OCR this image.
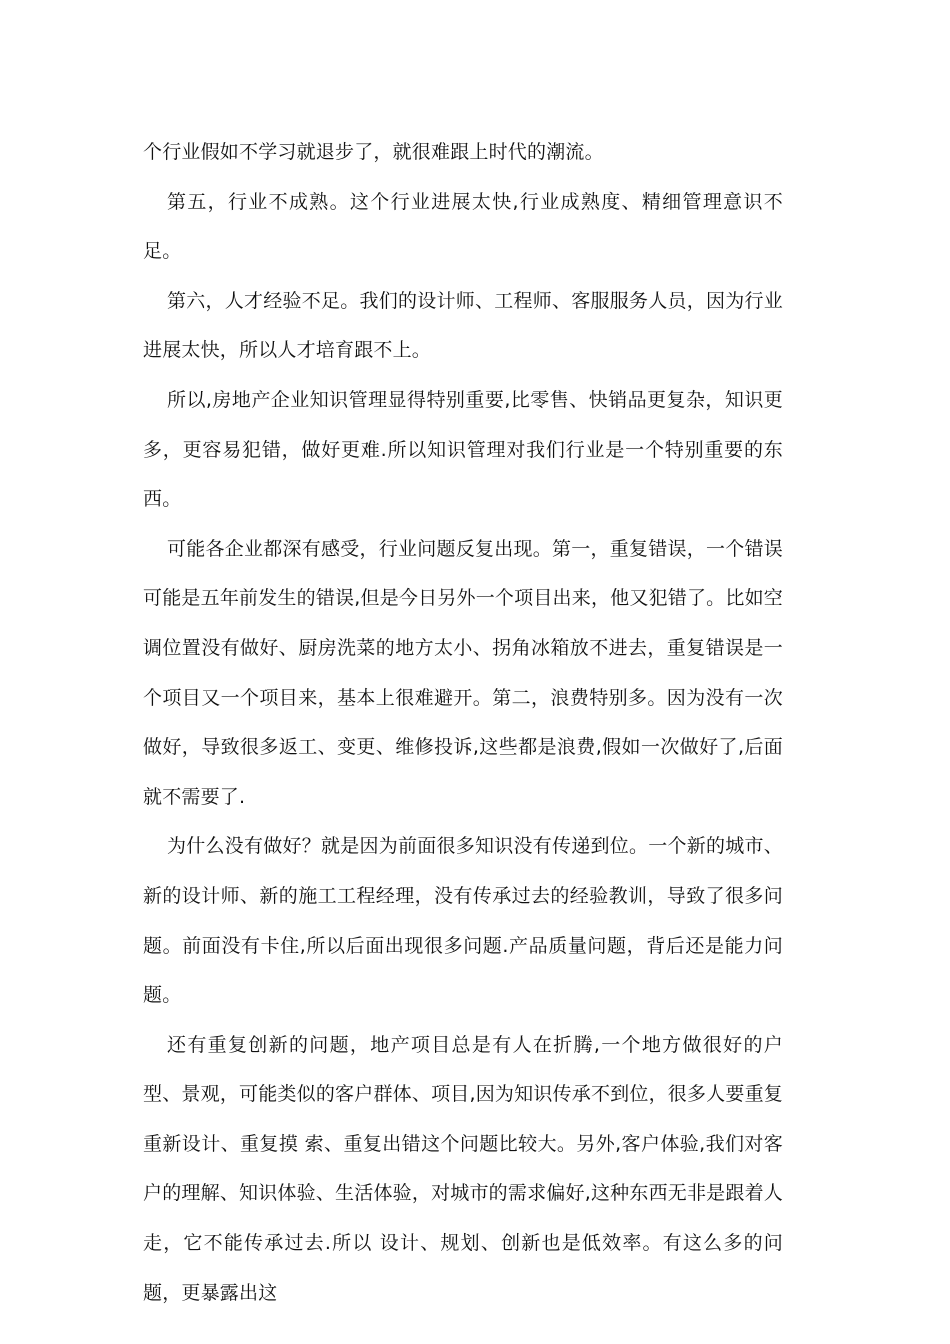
个行业假如不学习就退步了，就很难跟上时代的潮流。

第五，行业不成熟。这个行业进展太快,行业成熟度、精细管理意识不足。

第六，人才经验不足。我们的设计师、工程师、客服服务人员，因为行业进展太快，所以人才培育跟不上。

所以,房地产企业知识管理显得特别重要,比零售、快销品更复杂，知识更多，更容易犯错，做好更难.所以知识管理对我们行业是一个特别重要的东西。

可能各企业都深有感受，行业问题反复出现。第一，重复错误，一个错误可能是五年前发生的错误,但是今日另外一个项目出来，他又犯错了。比如空调位置没有做好、厨房洗菜的地方太小、拐角冰箱放不进去，重复错误是一个项目又一个项目来，基本上很难避开。第二，浪费特别多。因为没有一次做好，导致很多返工、变更、维修投诉,这些都是浪费,假如一次做好了,后面就不需要了.

为什么没有做好？就是因为前面很多知识没有传递到位。一个新的城市、新的设计师、新的施工工程经理，没有传承过去的经验教训，导致了很多问题。前面没有卡住,所以后面出现很多问题.产品质量问题，背后还是能力问题。

还有重复创新的问题，地产项目总是有人在折腾,一个地方做很好的户型、景观，可能类似的客户群体、项目,因为知识传承不到位，很多人要重复重新设计、重复摸 索、重复出错这个问题比较大。另外,客户体验,我们对客户的理解、知识体验、生活体验，对城市的需求偏好,这种东西无非是跟着人走，它不能传承过去.所以 设计、规划、创新也是低效率。有这么多的问题，更暴露出这
